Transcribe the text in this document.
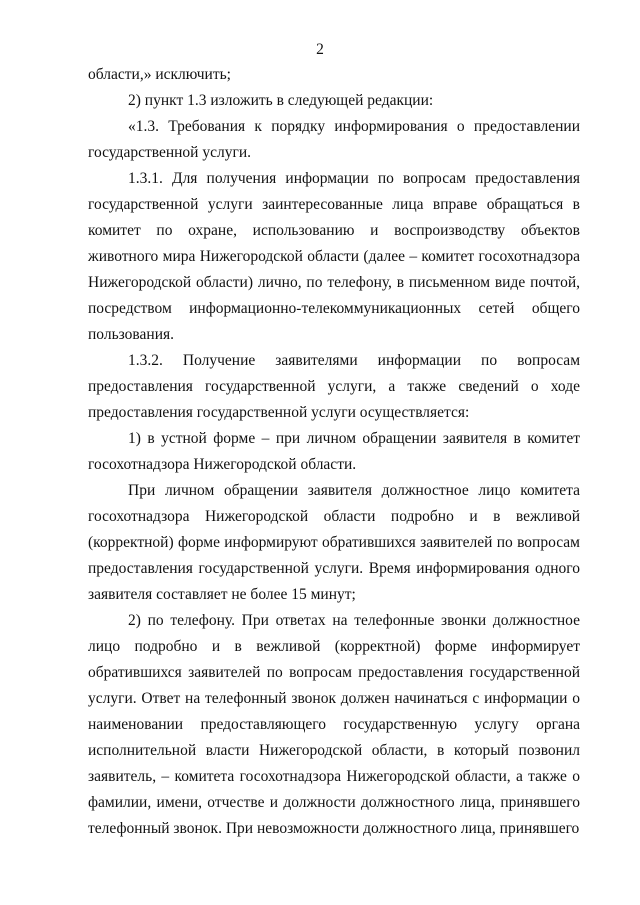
2

области,» исключить;

2) пункт 1.3 изложить в следующей редакции:

«1.3. Требования к порядку информирования о предоставлении государственной услуги.

1.3.1. Для получения информации по вопросам предоставления государственной услуги заинтересованные лица вправе обращаться в комитет по охране, использованию и воспроизводству объектов животного мира Нижегородской области (далее – комитет госохотнадзора Нижегородской области) лично, по телефону, в письменном виде почтой, посредством информационно-телекоммуникационных сетей общего пользования.

1.3.2. Получение заявителями информации по вопросам предоставления государственной услуги, а также сведений о ходе предоставления государственной услуги осуществляется:

1) в устной форме – при личном обращении заявителя в комитет госохотнадзора Нижегородской области.

При личном обращении заявителя должностное лицо комитета госохотнадзора Нижегородской области подробно и в вежливой (корректной) форме информируют обратившихся заявителей по вопросам предоставления государственной услуги. Время информирования одного заявителя составляет не более 15 минут;

2) по телефону. При ответах на телефонные звонки должностное лицо подробно и в вежливой (корректной) форме информирует обратившихся заявителей по вопросам предоставления государственной услуги. Ответ на телефонный звонок должен начинаться с информации о наименовании предоставляющего государственную услугу органа исполнительной власти Нижегородской области, в который позвонил заявитель, – комитета госохотнадзора Нижегородской области, а также о фамилии, имени, отчестве и должности должностного лица, принявшего телефонный звонок. При невозможности должностного лица, принявшего
